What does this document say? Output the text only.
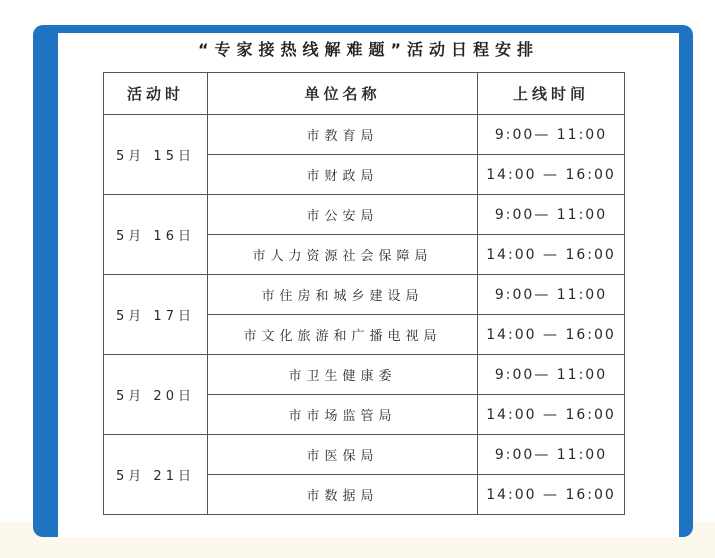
“专家接热线解难题”活动日程安排
活动时	单位名称	上线时间
5月 15日	市教育局	9:00— 11:00
	市财政局	14:00 — 16:00
5月 16日	市公安局	9:00— 11:00
	市人力资源社会保障局	14:00 — 16:00
5月 17日	市住房和城乡建设局	9:00— 11:00
	市文化旅游和广播电视局	14:00 — 16:00
5月 20日	市卫生健康委	9:00— 11:00
	市市场监管局	14:00 — 16:00
5月 21日	市医保局	9:00— 11:00
	市数据局	14:00 — 16:00
